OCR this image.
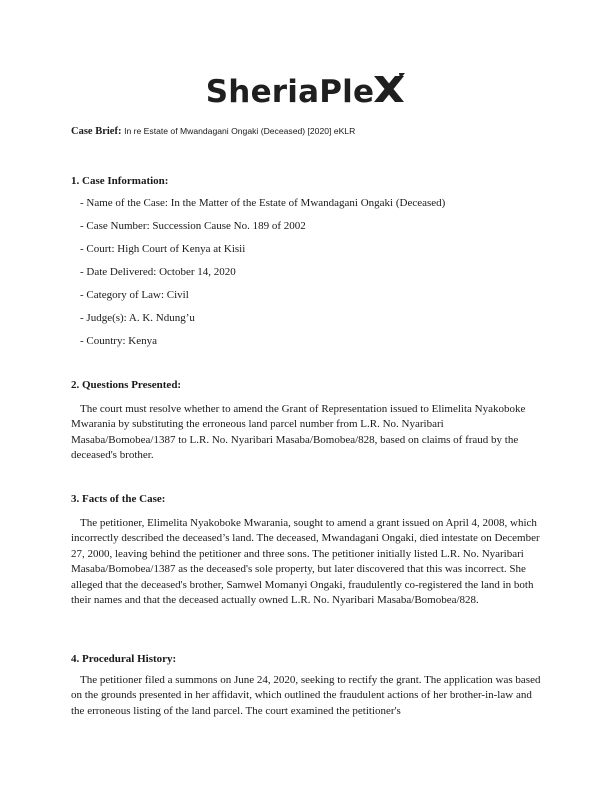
SheriaPle
Case Brief: In re Estate of Mwandagani Ongaki (Deceased) [2020] eKLR
1. Case Information:
- Name of the Case: In the Matter of the Estate of Mwandagani Ongaki (Deceased)
- Case Number: Succession Cause No. 189 of 2002
- Court: High Court of Kenya at Kisii
- Date Delivered: October 14, 2020
- Category of Law: Civil
- Judge(s): A. K. Ndung’u
- Country: Kenya
2. Questions Presented:

The court must resolve whether to amend the Grant of Representation issued to Elimelita Nyakoboke Mwarania by substituting the erroneous land parcel number from L.R. No. Nyaribari Masaba/Bomobea/1387 to L.R. No. Nyaribari Masaba/Bomobea/828, based on claims of fraud by the deceased's brother.

3. Facts of the Case:

The petitioner, Elimelita Nyakoboke Mwarania, sought to amend a grant issued on April 4, 2008, which incorrectly described the deceased’s land. The deceased, Mwandagani Ongaki, died intestate on December 27, 2000, leaving behind the petitioner and three sons. The petitioner initially listed L.R. No. Nyaribari Masaba/Bomobea/1387 as the deceased's sole property, but later discovered that this was incorrect. She alleged that the deceased's brother, Samwel Momanyi Ongaki, fraudulently co-registered the land in both their names and that the deceased actually owned L.R. No. Nyaribari Masaba/Bomobea/828.

4. Procedural History:

The petitioner filed a summons on June 24, 2020, seeking to rectify the grant. The application was based on the grounds presented in her affidavit, which outlined the fraudulent actions of her brother-in-law and the erroneous listing of the land parcel. The court examined the petitioner's
